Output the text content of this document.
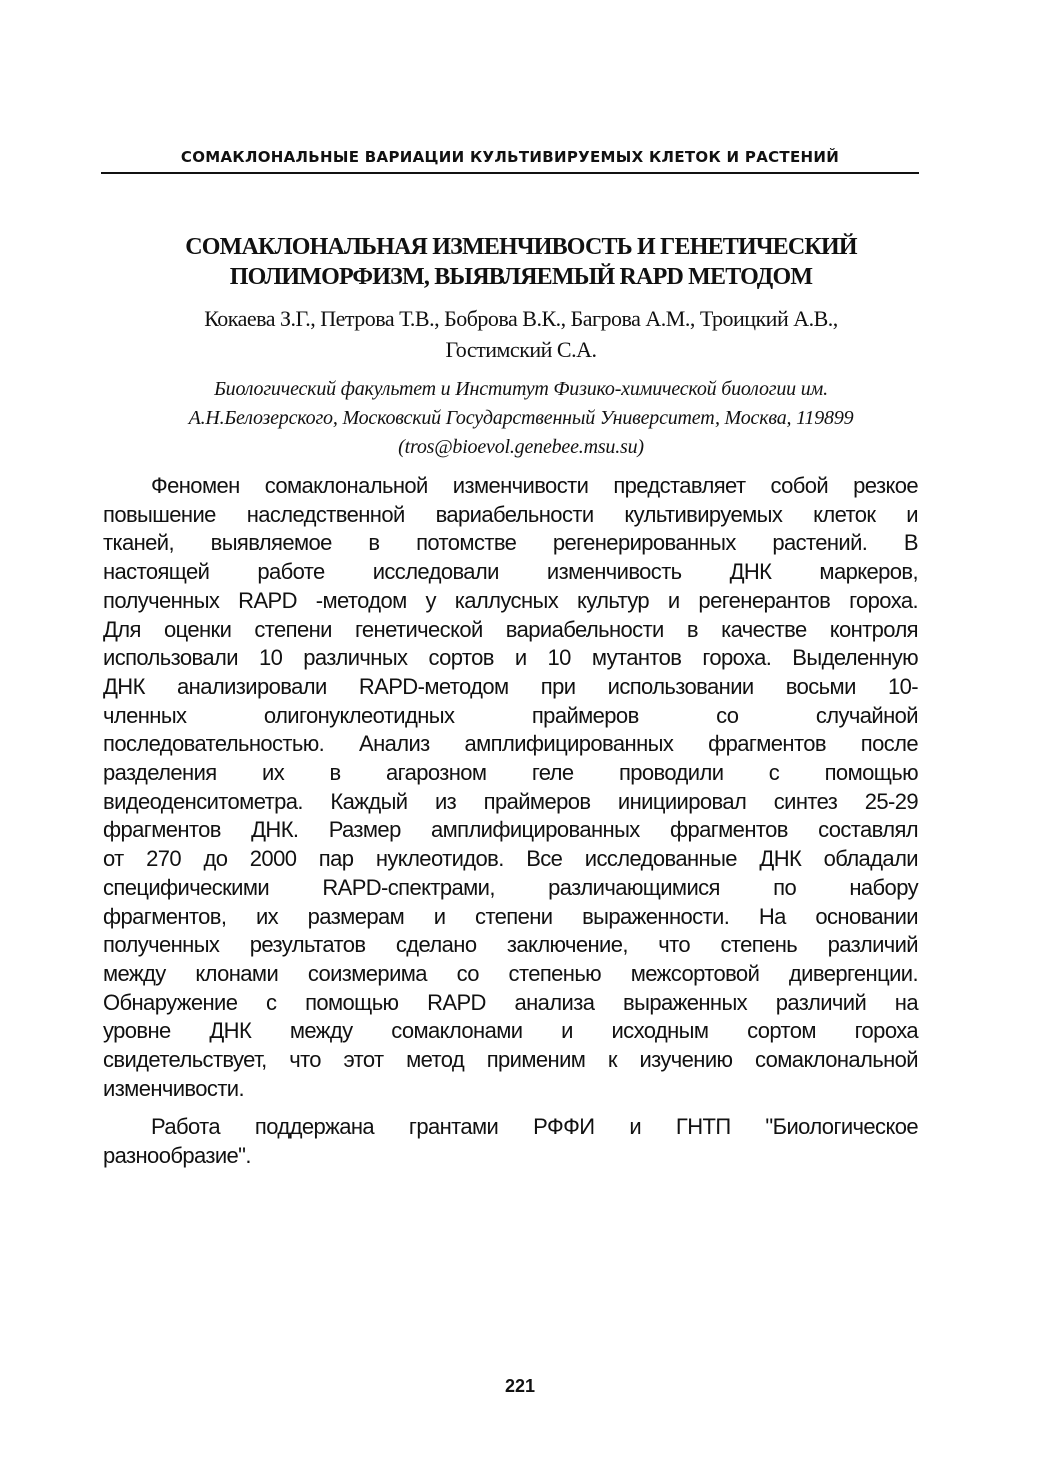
СОМАКЛОНАЛЬНЫЕ ВАРИАЦИИ КУЛЬТИВИРУЕМЫХ КЛЕТОК И РАСТЕНИЙ
СОМАКЛОНАЛЬНАЯ ИЗМЕНЧИВОСТЬ И ГЕНЕТИЧЕСКИЙ
ПОЛИМОРФИЗМ, ВЫЯВЛЯЕМЫЙ RAPD МЕТОДОМ
Кокаева З.Г., Петрова Т.В., Боброва В.К., Багрова А.М., Троицкий А.В.,
Гостимский С.А.
Биологический факультет и Институт Физико-химической биологии им.
А.Н.Белозерского, Московский Государственный Университет, Москва, 119899
(tros@bioevol.genebee.msu.su)
Феномен сомаклональной изменчивости представляет собой резкое
повышение наследственной вариабельности культивируемых клеток и
тканей, выявляемое в потомстве регенерированных растений. В
настоящей работе исследовали изменчивость ДНК маркеров,
полученных RAPD -методом у каллусных культур и регенерантов гороха.
Для оценки степени генетической вариабельности в качестве контроля
использовали 10 различных сортов и 10 мутантов гороха. Выделенную
ДНК анализировали RAPD-методом при использовании восьми 10-
членных олигонуклеотидных праймеров со случайной
последовательностью. Анализ амплифицированных фрагментов после
разделения их в агарозном геле проводили с помощью
видеоденситометра. Каждый из праймеров инициировал синтез 25-29
фрагментов ДНК. Размер амплифицированных фрагментов составлял
от 270 до 2000 пар нуклеотидов. Все исследованные ДНК обладали
специфическими RAPD-спектрами, различающимися по набору
фрагментов, их размерам и степени выраженности. На основании
полученных результатов сделано заключение, что степень различий
между клонами соизмерима со степенью межсортовой дивергенции.
Обнаружение с помощью RAPD анализа выраженных различий на
уровне ДНК между сомаклонами и исходным сортом гороха
свидетельствует, что этот метод применим к изучению сомаклональной
изменчивости.
Работа поддержана грантами РФФИ и ГНТП "Биологическое
разнообразие".
221
